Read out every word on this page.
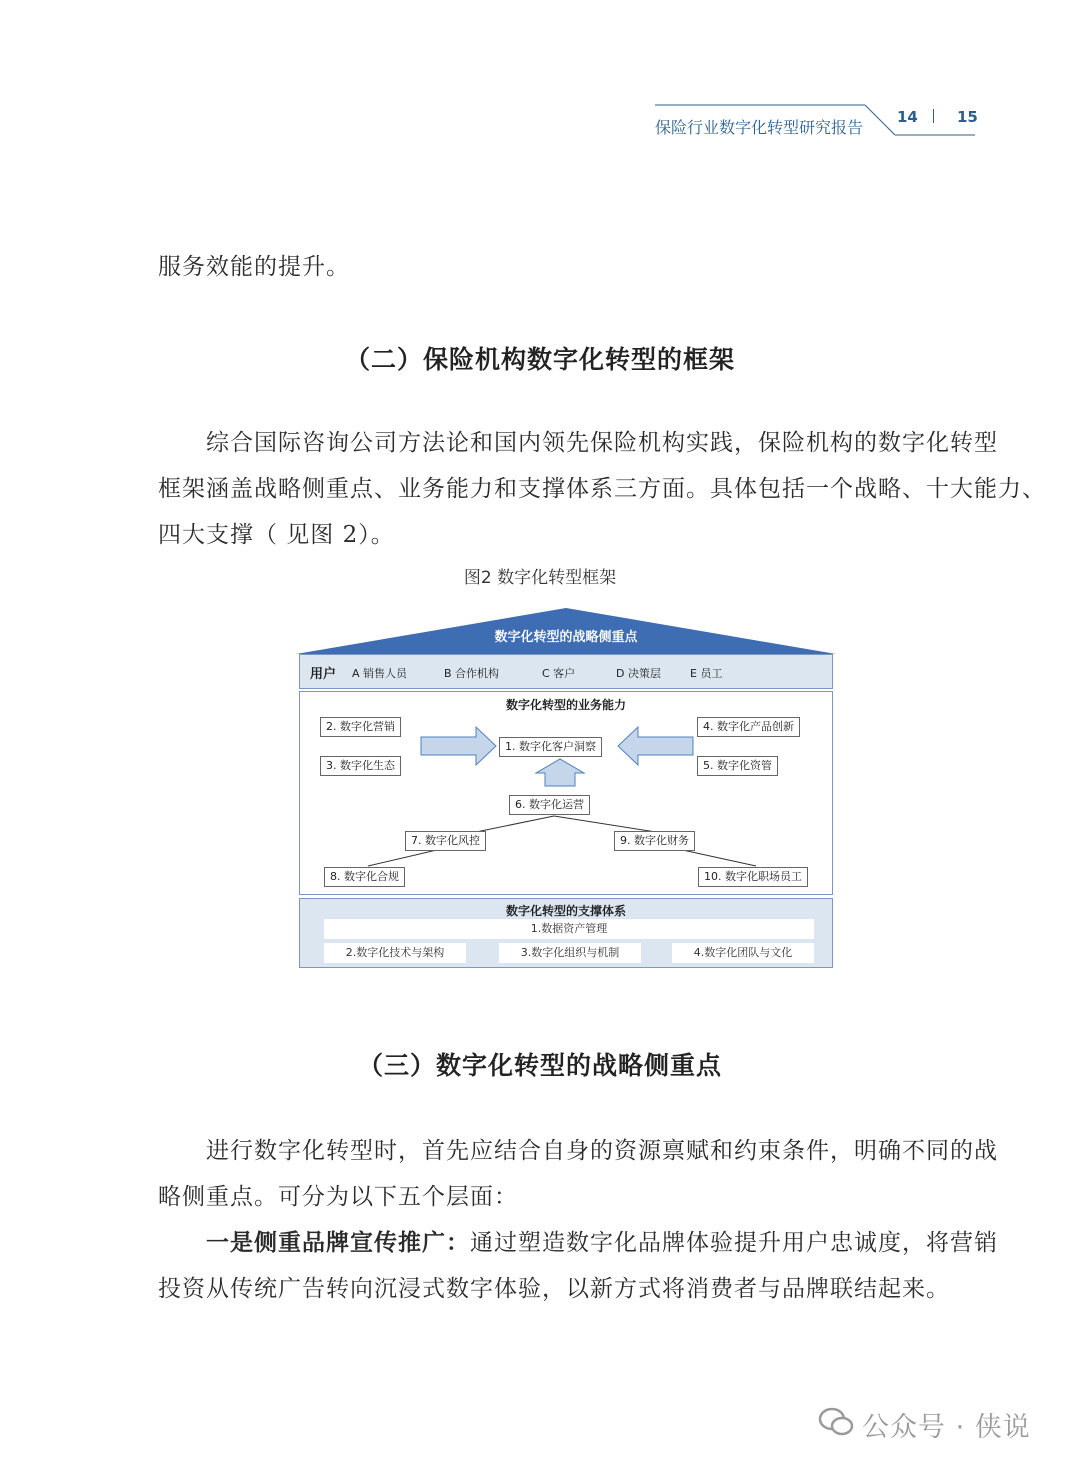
保险行业数字化转型研究报告
14	15

服务效能的提升。

（二）保险机构数字化转型的框架

综合国际咨询公司方法论和国内领先保险机构实践，保险机构的数字化转型

框架涵盖战略侧重点、业务能力和支撑体系三方面。具体包括一个战略、十大能力、

四大支撑（ 见图 2）。

图2 数字化转型框架
数字化转型的战略侧重点
用户 A 销售人员	B 合作机构	C 客户	D 决策层	E 员工
数字化转型的业务能力
2. 数字化营销
3. 数字化生态
1. 数字化客户洞察
4. 数字化产品创新
5. 数字化资管
6. 数字化运营
7. 数字化风控	9. 数字化财务
8. 数字化合规	10. 数字化职场员工
数字化转型的支撑体系
1.数据资产管理
2.数字化技术与架构	3.数字化组织与机制	4.数字化团队与文化
（三）数字化转型的战略侧重点

进行数字化转型时，首先应结合自身的资源禀赋和约束条件，明确不同的战

略侧重点。可分为以下五个层面：

一是侧重品牌宣传推广：通过塑造数字化品牌体验提升用户忠诚度，将营销

投资从传统广告转向沉浸式数字体验，以新方式将消费者与品牌联结起来。

公众号 · 侠说
